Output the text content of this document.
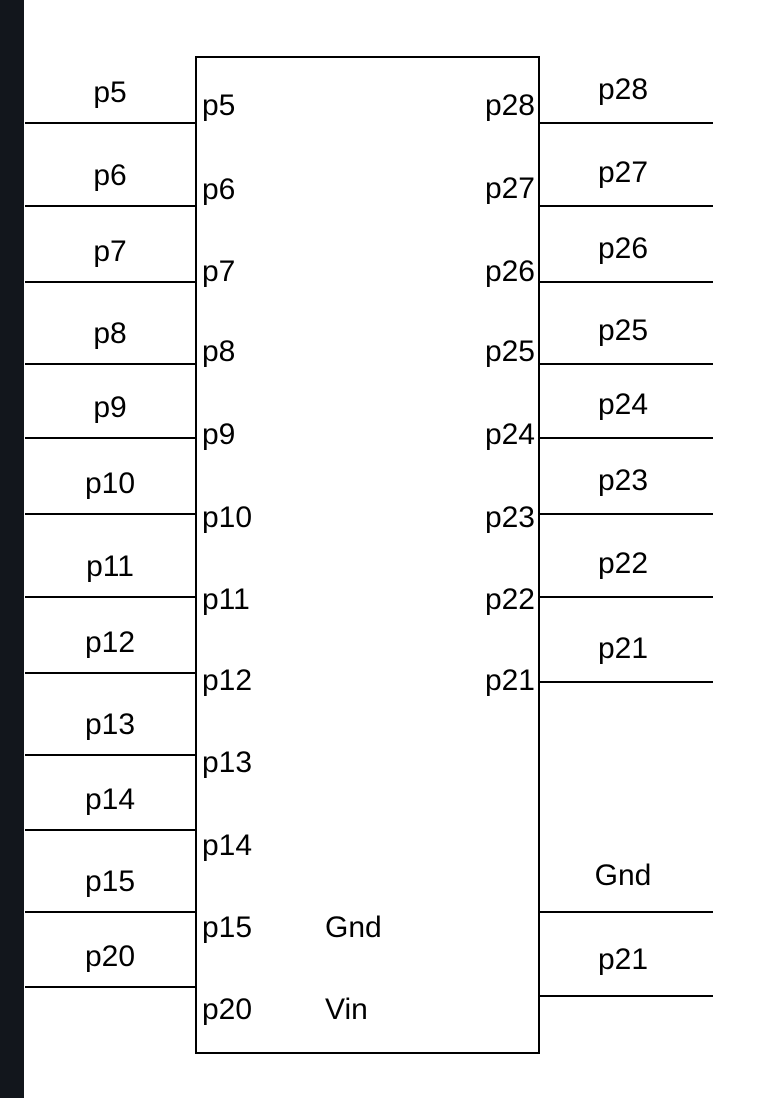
p5	p5
p6	p6
p7
p7
p8
p8
p9
p9
p10
p10
p11
p11
p12
p12
p13
p13
p14
p14
p15
p15
p20
p20
p28
p28
p27
p27
p26
p26
p25
p25
p24
p24
p23
p23
p22
p22
p21
p21
Gnd
Gnd
p21
Vin
